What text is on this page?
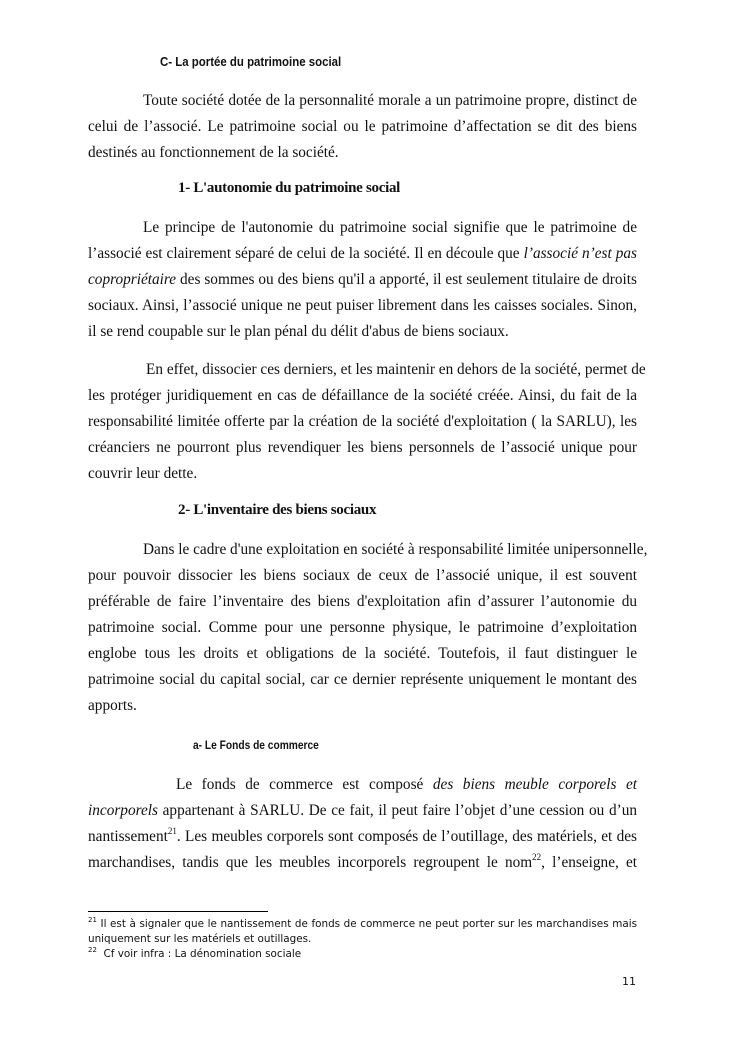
C- La portée du patrimoine social
Toute société dotée de la personnalité morale a un patrimoine propre, distinct de
celui de l’associé. Le patrimoine social ou le patrimoine d’affectation se dit des biens
destinés au fonctionnement de la société.
1- L'autonomie du patrimoine social
Le principe de l'autonomie du patrimoine social signifie que le patrimoine de
l’associé est clairement séparé de celui de la société. Il en découle que l’associé n’est pas
copropriétaire des sommes ou des biens qu'il a apporté, il est seulement titulaire de droits
sociaux. Ainsi, l’associé unique ne peut puiser librement dans les caisses sociales. Sinon,
il se rend coupable sur le plan pénal du délit d'abus de biens sociaux.
En effet, dissocier ces derniers, et les maintenir en dehors de la société, permet de
les protéger juridiquement en cas de défaillance de la société créée. Ainsi, du fait de la
responsabilité limitée offerte par la création de la société d'exploitation ( la SARLU), les
créanciers ne pourront plus revendiquer les biens personnels de l’associé unique pour
couvrir leur dette.
2- L'inventaire des biens sociaux
Dans le cadre d'une exploitation en société à responsabilité limitée unipersonnelle,
pour pouvoir dissocier les biens sociaux de ceux de l’associé unique, il est souvent
préférable de faire l’inventaire des biens d'exploitation afin d’assurer l’autonomie du
patrimoine social. Comme pour une personne physique, le patrimoine d’exploitation
englobe tous les droits et obligations de la société. Toutefois, il faut distinguer le
patrimoine social du capital social, car ce dernier représente uniquement le montant des
apports.
a- Le Fonds de commerce
Le fonds de commerce est composé des biens meuble corporels et
incorporels appartenant à SARLU. De ce fait, il peut faire l’objet d’une cession ou d’un
nantissement$^{21}$. Les meubles corporels sont composés de l’outillage, des matériels, et des
marchandises, tandis que les meubles incorporels regroupent le nom$^{22}$, l’enseigne, et
$^{21}$ Il est à signaler que le nantissement de fonds de commerce ne peut porter sur les marchandises mais
uniquement sur les matériels et outillages.
$^{22}$  Cf voir infra : La dénomination sociale
11
